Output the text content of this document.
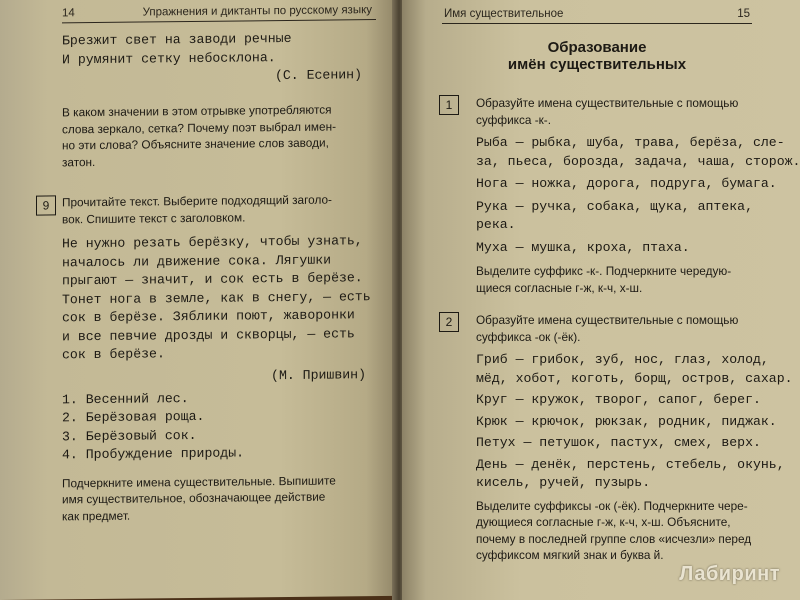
14	Упражнения и диктанты по русскому языку
Брезжит свет на заводи речные
И румянит сетку небосклона.
(С. Есенин)
В каком значении в этом отрывке употребляются
слова зеркало, сетка? Почему поэт выбрал имен-
но эти слова? Объясните значение слов заводи,
затон.
9	Прочитайте текст. Выберите подходящий заголо-
вок. Спишите текст с заголовком.
Не нужно резать берёзку, чтобы узнать,
началось ли движение сока. Лягушки
прыгают — значит, и сок есть в берёзе.
Тонет нога в земле, как в снегу, — есть
сок в берёзе. Зяблики поют, жаворонки
и все певчие дрозды и скворцы, — есть
сок в берёзе.
(М. Пришвин)
1. Весенний лес.
2. Берёзовая роща.
3. Берёзовый сок.
4. Пробуждение природы.
Подчеркните имена существительные. Выпишите
имя существительное, обозначающее действие
как предмет.
Имя существительное	15
Образование
имён существительных
1	Образуйте имена существительные с помощью
суффикса -к-.
Рыба — рыбка, шуба, трава, берёза, сле-
за, пьеса, борозда, задача, чаша, сторож.
Нога — ножка, дорога, подруга, бумага.
Рука — ручка, собака, щука, аптека,
река.
Муха — мушка, кроха, птаха.
Выделите суффикс -к-. Подчеркните чередую-
щиеся согласные г-ж, к-ч, х-ш.
2	Образуйте имена существительные с помощью
суффикса -ок (-ёк).
Гриб — грибок, зуб, нос, глаз, холод,
мёд, хобот, коготь, борщ, остров, сахар.
Круг — кружок, творог, сапог, берег.
Крюк — крючок, рюкзак, родник, пиджак.
Петух — петушок, пастух, смех, верх.
День — денёк, перстень, стебель, окунь,
кисель, ручей, пузырь.
Выделите суффиксы -ок (-ёк). Подчеркните чере-
дующиеся согласные г-ж, к-ч, х-ш. Объясните,
почему в последней группе слов «исчезли» перед
суффиксом мягкий знак и буква й.
Лабиринт
